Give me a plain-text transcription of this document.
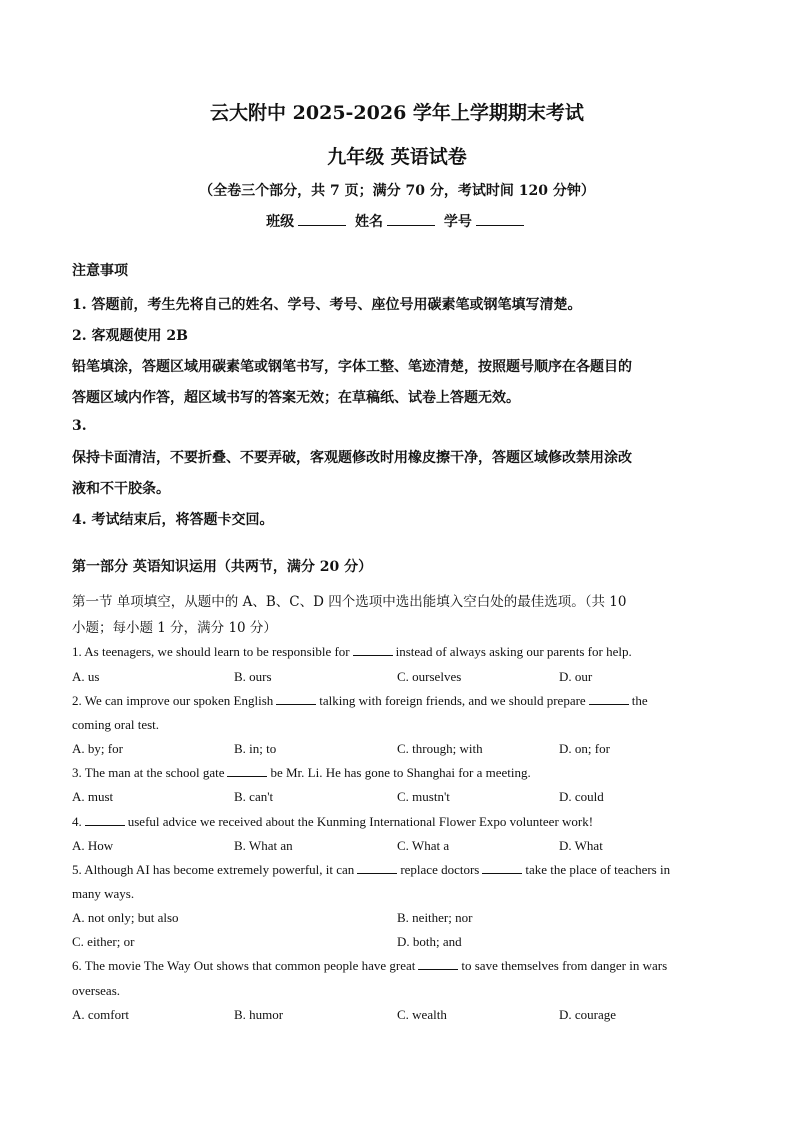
云大附中 2025-2026 学年上学期期末考试
九年级 英语试卷
（全卷三个部分，共 7 页；满分 70 分，考试时间 120 分钟）
班级	姓名	学号
注意事项
1. 答题前，考生先将自己的姓名、学号、考号、座位号用碳素笔或钢笔填写清楚。
2. 客观题使用 2B
铅笔填涂，答题区域用碳素笔或钢笔书写，字体工整、笔迹清楚，按照题号顺序在各题目的
答题区域内作答，超区域书写的答案无效；在草稿纸、试卷上答题无效。
3.
保持卡面清洁，不要折叠、不要弄破，客观题修改时用橡皮擦干净，答题区域修改禁用涂改
液和不干胶条。
4. 考试结束后，将答题卡交回。
第一部分 英语知识运用（共两节，满分 20 分）
第一节 单项填空，从题中的 A、B、C、D 四个选项中选出能填入空白处的最佳选项。（共 10
小题；每小题 1 分，满分 10 分）
1. As teenagers, we should learn to be responsible for	instead of always asking our parents for help.
A. us	B. ours	C. ourselves	D. our
2. We can improve our spoken English	talking with foreign friends, and we should prepare	the
coming oral test.
A. by; for	B. in; to	C. through; with	D. on; for
3. The man at the school gate	be Mr. Li. He has gone to Shanghai for a meeting.
A. must	B. can't	C. mustn't	D. could
4.	useful advice we received about the Kunming International Flower Expo volunteer work!
A. How	B. What an	C. What a	D. What
5. Although AI has become extremely powerful, it can	replace doctors	take the place of teachers in
many ways.
A. not only; but also	B. neither; nor
C. either; or	D. both; and
6. The movie The Way Out shows that common people have great	to save themselves from danger in wars
overseas.
A. comfort	B. humor	C. wealth	D. courage
